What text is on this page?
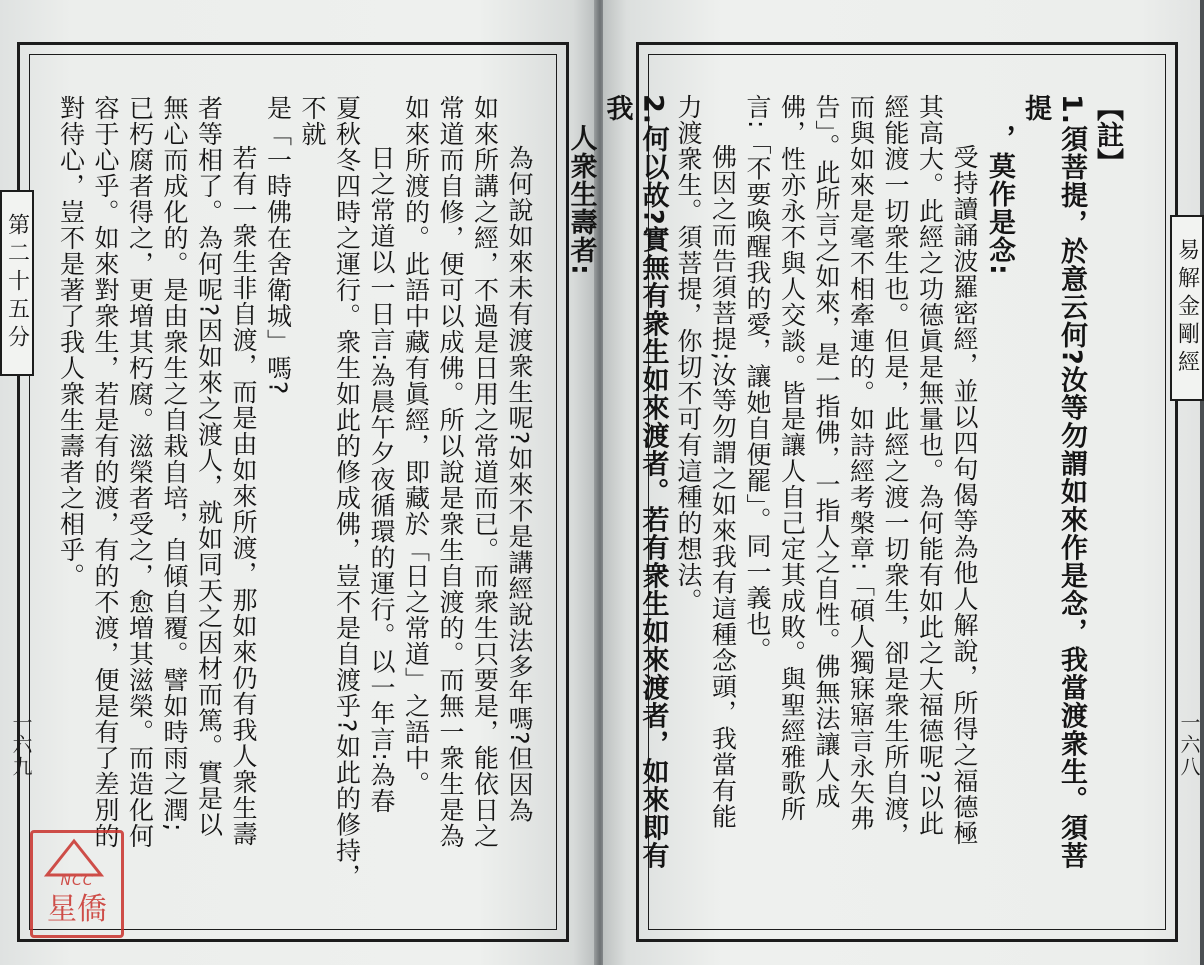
為何說如來未有渡衆生呢?如來不是講經說法多年嗎?但因為

如來所講之經，不過是日用之常道而已。而衆生只要是，能依日之

常道而自修，便可以成佛。所以說是衆生自渡的。而無一衆生是為

如來所渡的。此語中藏有眞經，即藏於「日之常道」之語中。

日之常道以一日言:為晨午夕夜循環的運行。以一年言:為春

夏秋冬四時之運行。衆生如此的修成佛，豈不是自渡乎?如此的修持，不就

是「一時佛在舍衛城」嗎?

若有一衆生非自渡，而是由如來所渡，那如來仍有我人衆生壽

者等相了。為何呢?因如來之渡人，就如同天之因材而篤。實是以

無心而成化的。是由衆生之自栽自培，自傾自覆。譬如時雨之潤;

已朽腐者得之，更増其朽腐。滋榮者受之，愈増其滋榮。而造化何

容于心乎。如來對衆生，若是有的渡，有的不渡，便是有了差別的

對待心，豈不是著了我人衆生壽者之相乎。

第二十五分
一六九
NCC
星僑

【註】

1.須菩提，於意云何?汝等勿謂如來作是念，我當渡衆生。須菩提

，莫作是念:

受持讀誦波羅密經，並以四句偈等為他人解說，所得之福德極

其高大。此經之功德眞是無量也。為何能有如此之大福德呢?以此

經能渡一切衆生也。但是，此經之渡一切衆生，卻是衆生所自渡，

而與如來是毫不相牽連的。如詩經考槃章:「碩人獨寐寤言永矢弗

告」。此所言之如來，是一指佛，一指人之自性。佛無法讓人成

佛，性亦永不與人交談。皆是讓人自己定其成敗。與聖經雅歌所

言:「不要喚醒我的愛，讓她自便罷」。同一義也。

佛因之而告須菩提;汝等勿謂之如來我有這種念頭，我當有能

力渡衆生。須菩提，你切不可有這種的想法。

2.何以故?實無有衆生如來渡者。若有衆生如來渡者，如來即有我

人衆生壽者:

易解金剛經
一六八
